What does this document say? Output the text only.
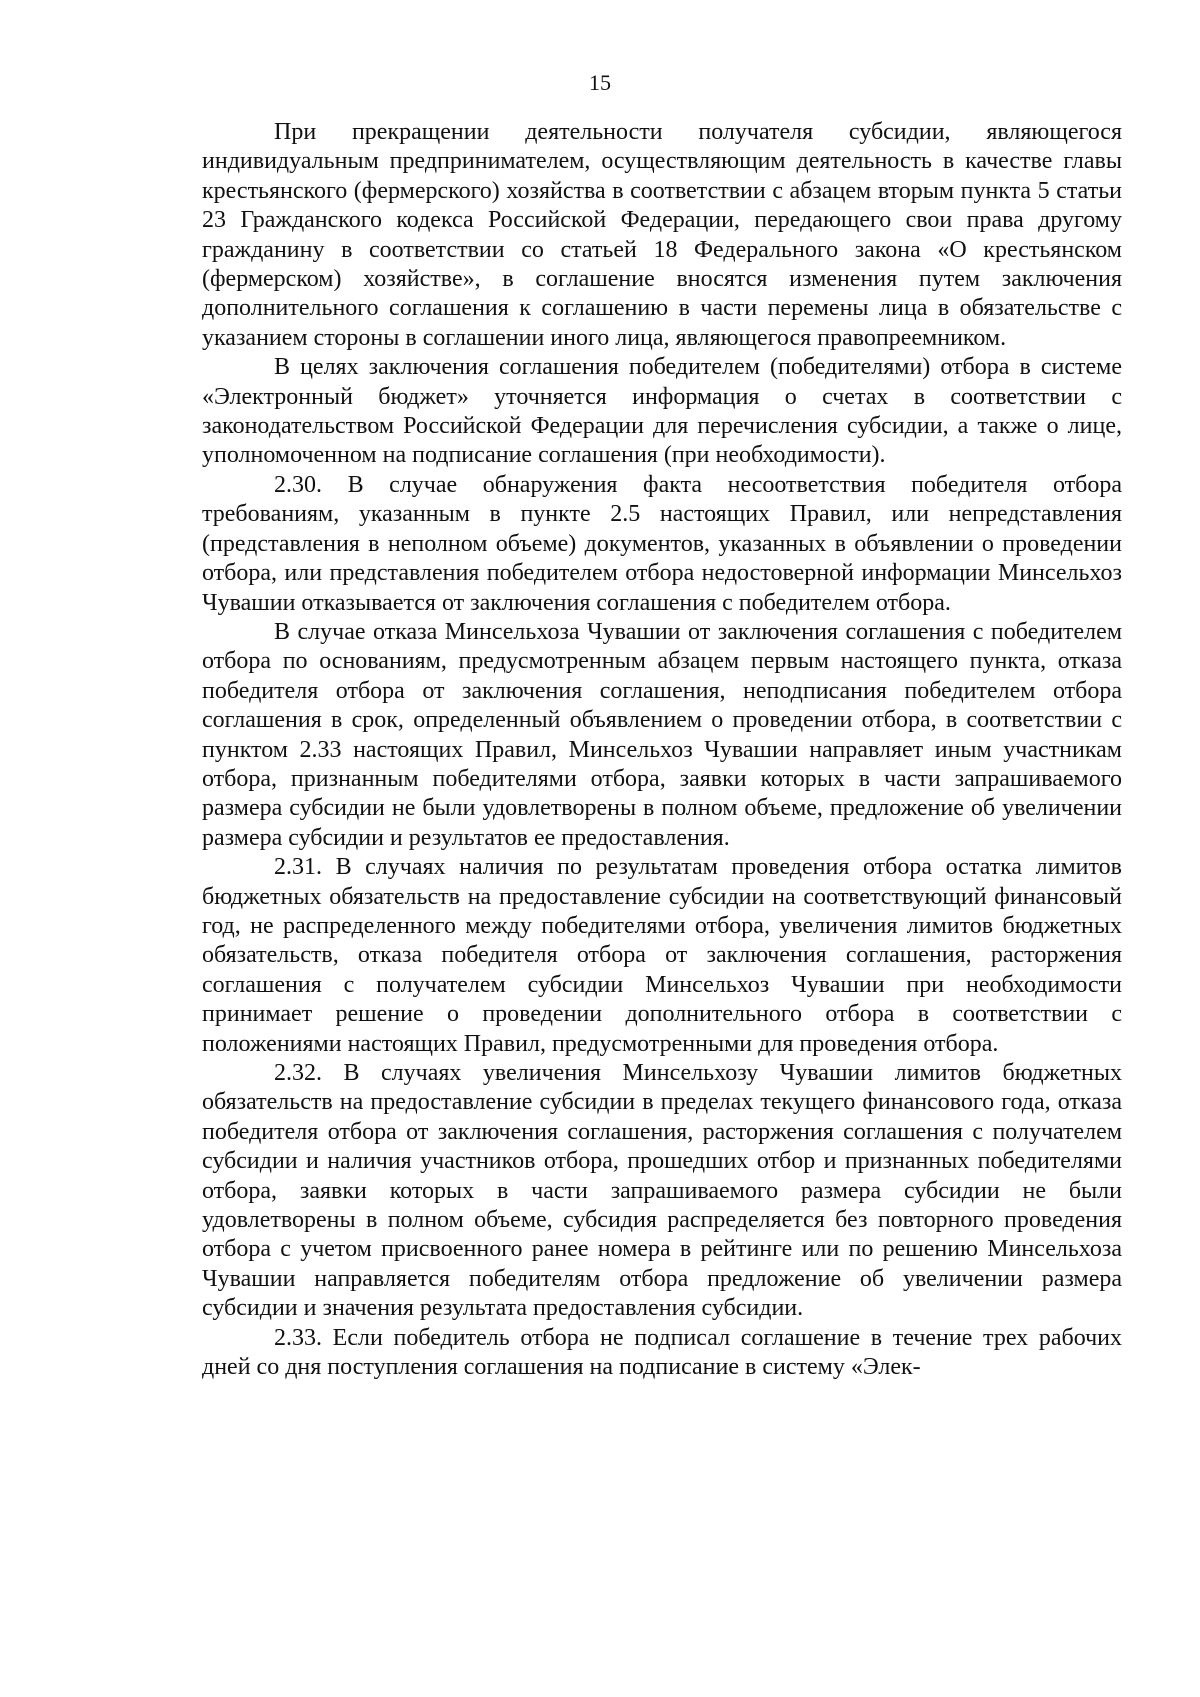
15

При прекращении деятельности получателя субсидии, являющегося индивидуальным предпринимателем, осуществляющим деятельность в качестве главы крестьянского (фермерского) хозяйства в соответствии с абзацем вторым пункта 5 статьи 23 Гражданского кодекса Российской Федерации, передающего свои права другому гражданину в соответствии со статьей 18 Федерального закона «О крестьянском (фермерском) хозяйстве», в соглашение вносятся изменения путем заключения дополнительного соглашения к соглашению в части перемены лица в обязательстве с указанием стороны в соглашении иного лица, являющегося правопреемником.

В целях заключения соглашения победителем (победителями) отбора в системе «Электронный бюджет» уточняется информация о счетах в соответствии с законодательством Российской Федерации для перечисления субсидии, а также о лице, уполномоченном на подписание соглашения (при необходимости).

2.30. В случае обнаружения факта несоответствия победителя отбора требованиям, указанным в пункте 2.5 настоящих Правил, или непредставления (представления в неполном объеме) документов, указанных в объявлении о проведении отбора, или представления победителем отбора недостоверной информации Минсельхоз Чувашии отказывается от заключения соглашения с победителем отбора.

В случае отказа Минсельхоза Чувашии от заключения соглашения с победителем отбора по основаниям, предусмотренным абзацем первым настоящего пункта, отказа победителя отбора от заключения соглашения, неподписания победителем отбора соглашения в срок, определенный объявлением о проведении отбора, в соответствии с пунктом 2.33 настоящих Правил, Минсельхоз Чувашии направляет иным участникам отбора, признанным победителями отбора, заявки которых в части запрашиваемого размера субсидии не были удовлетворены в полном объеме, предложение об увеличении размера субсидии и результатов ее предоставления.

2.31. В случаях наличия по результатам проведения отбора остатка лимитов бюджетных обязательств на предоставление субсидии на соответствующий финансовый год, не распределенного между победителями отбора, увеличения лимитов бюджетных обязательств, отказа победителя отбора от заключения соглашения, расторжения соглашения с получателем субсидии Минсельхоз Чувашии при необходимости принимает решение о проведении дополнительного отбора в соответствии с положениями настоящих Правил, предусмотренными для проведения отбора.

2.32. В случаях увеличения Минсельхозу Чувашии лимитов бюджетных обязательств на предоставление субсидии в пределах текущего финансового года, отказа победителя отбора от заключения соглашения, расторжения соглашения с получателем субсидии и наличия участников отбора, прошедших отбор и признанных победителями отбора, заявки которых в части запрашиваемого размера субсидии не были удовлетворены в полном объеме, субсидия распределяется без повторного проведения отбора с учетом присвоенного ранее номера в рейтинге или по решению Минсельхоза Чувашии направляется победителям отбора предложение об увеличении размера субсидии и значения результата предоставления субсидии.

2.33. Если победитель отбора не подписал соглашение в течение трех рабочих дней со дня поступления соглашения на подписание в систему «Элек-
